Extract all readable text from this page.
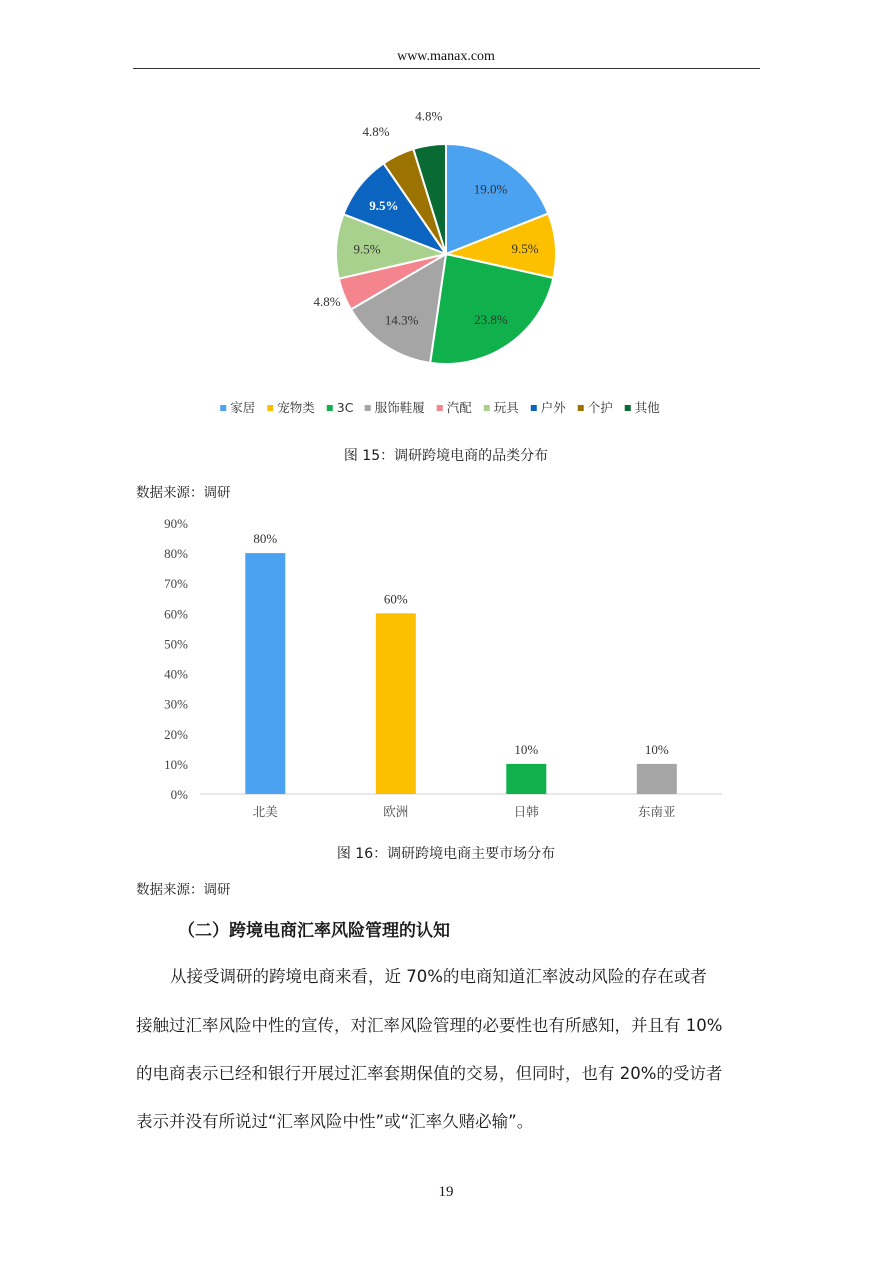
www.manax.com
19.0%
9.5%
23.8%
14.3%
4.8%
9.5%
9.5%
4.8%
4.8%
家居 宠物类 3C 服饰鞋履 汽配 玩具 户外 个护 其他
图 15：调研跨境电商的品类分布
数据来源：调研
0%
10%
20%
30%
40%
50%
60%
70%
80%
90%
80%
北美
60%
欧洲
10%
日韩
10%
东南亚
图 16：调研跨境电商主要市场分布
数据来源：调研
（二）跨境电商汇率风险管理的认知
从接受调研的跨境电商来看，近 70%的电商知道汇率波动风险的存在或者
接触过汇率风险中性的宣传，对汇率风险管理的必要性也有所感知，并且有 10%
的电商表示已经和银行开展过汇率套期保值的交易，但同时，也有 20%的受访者
表示并没有所说过“汇率风险中性”或“汇率久赌必输”。
19
